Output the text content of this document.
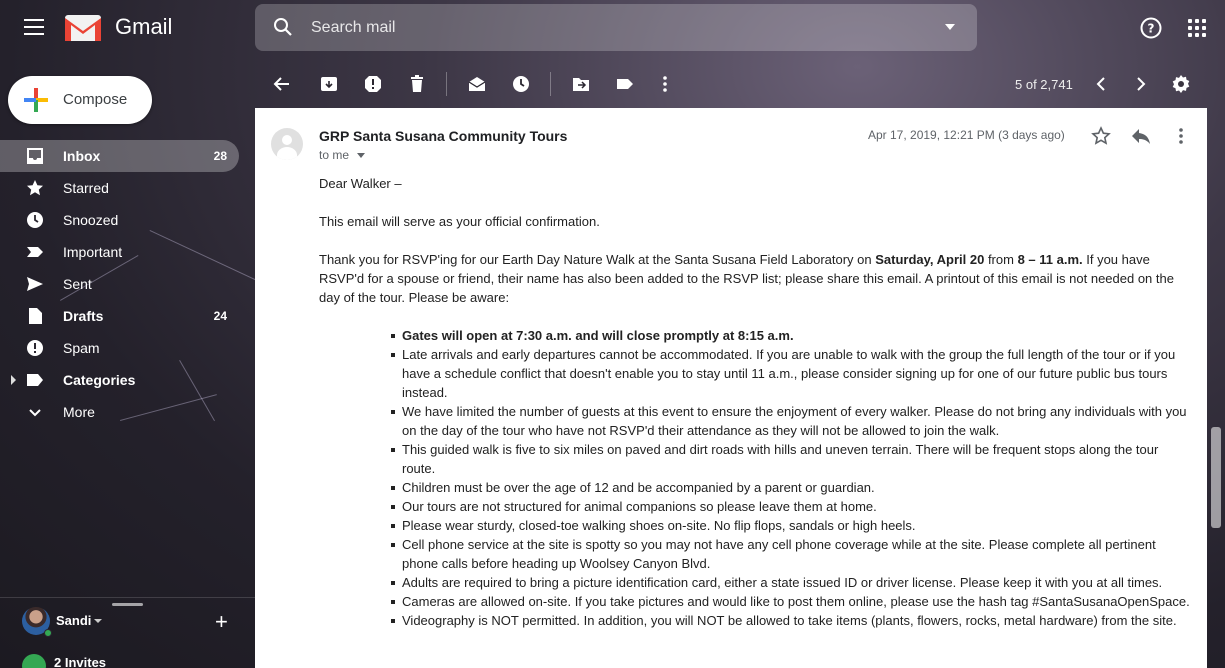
Gmail
Search mail	?
Compose
Inbox	28
Starred
Snoozed
Important
Sent
Drafts	24
Spam
Categories
More
Sandi	+
2 Invites
5 of 2,741
GRP Santa Susana Community Tours
to me
Apr 17, 2019, 12:21 PM (3 days ago)

Dear Walker –

This email will serve as your official confirmation.

Thank you for RSVP'ing for our Earth Day Nature Walk at the Santa Susana Field Laboratory on Saturday, April 20 from 8 – 11 a.m. If you have RSVP'd for a spouse or friend, their name has also been added to the RSVP list; please share this email. A printout of this email is not needed on the day of the tour. Please be aware:

Gates will open at 7:30 a.m. and will close promptly at 8:15 a.m.
Late arrivals and early departures cannot be accommodated. If you are unable to walk with the group the full length of the tour or if you have a schedule conflict that doesn't enable you to stay until 11 a.m., please consider signing up for one of our future public bus tours instead.
We have limited the number of guests at this event to ensure the enjoyment of every walker. Please do not bring any individuals with you on the day of the tour who have not RSVP'd their attendance as they will not be allowed to join the walk.
This guided walk is five to six miles on paved and dirt roads with hills and uneven terrain. There will be frequent stops along the tour route.
Children must be over the age of 12 and be accompanied by a parent or guardian.
Our tours are not structured for animal companions so please leave them at home.
Please wear sturdy, closed-toe walking shoes on-site. No flip flops, sandals or high heels.
Cell phone service at the site is spotty so you may not have any cell phone coverage while at the site. Please complete all pertinent phone calls before heading up Woolsey Canyon Blvd.
Adults are required to bring a picture identification card, either a state issued ID or driver license. Please keep it with you at all times.
Cameras are allowed on-site. If you take pictures and would like to post them online, please use the hash tag #SantaSusanaOpenSpace.
Videography is NOT permitted. In addition, you will NOT be allowed to take items (plants, flowers, rocks, metal hardware) from the site.
